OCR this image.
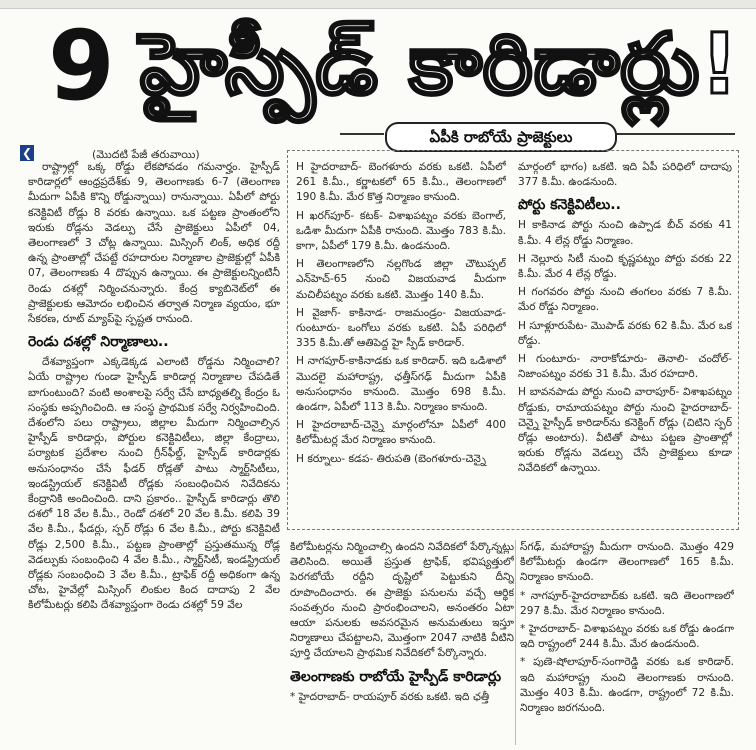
9 హైస్పీడ్ కారిడార్లు!
ఏపీకి రాబోయే ప్రాజెక్టులు
❮	(మొదటి పేజీ తరువాయి)

రాష్ట్రాల్లో ఒక్క రోడ్డు లేకపోవడం గమనార్హం. హైస్పీడ్ కారిడార్లలో ఆంధ్రప్రదేశ్‌కు 9, తెలంగాణకు 6-7 (తెలంగాణ మీదుగా ఏపీకి కొన్ని రోడ్డున్నాయి) రానున్నాయి. ఏపీలో పోర్టు కనెక్టివిటీ రోడ్లు 8 వరకు ఉన్నాయి. ఒక పట్టణ ప్రాంతంలోని ఇరుకు రోడ్లను వెడల్పు చేసే ప్రాజెక్టులు ఏపీలో 04, తెలంగాణలో 3 చోట్ల ఉన్నాయి. మిస్సింగ్ లింక్, అధిక రద్దీ ఉన్న ప్రాంతాల్లో చేపట్టే రహదారుల నిర్మాణాల ప్రాజెక్టుల్లో ఏపీకి 07, తెలంగాణకు 4 దొప్పున ఉన్నాయి. ఈ ప్రాజెక్టులన్నింటినీ రెండు దశల్లో నిర్మించనున్నారు. కేంద్ర క్యాబినెట్‌లో ఈ ప్రాజెక్టులకు ఆమోదం లభించిన తర్వాత నిర్మాణ వ్యయం, భూ సేకరణ, రూట్ మ్యాప్‌పై స్పష్టత రానుంది.

రెండు దశల్లో నిర్మాణాలు..

దేశవ్యాప్తంగా ఎక్కడెక్కడ ఎలాంటి రోడ్డను నిర్మించాలి? ఏయే రాష్ట్రాల గుండా హైస్పీడ్ కారిడార్ల నిర్మాణాల చేపడితే బాగుంటుంది? వంటి అంశాలపై సర్వే చేసే బాధ్యతల్ని కేంద్రం ఓ సంస్థకు అప్పగించింది. ఆ సంస్థ ప్రాథమిక సర్వే నిర్వహించింది. దేశంలోని పలు రాష్ట్రాలు, జిల్లాల మీదుగా నిర్మించాల్సిన హైస్పీడ్ కారిడార్లు, పోర్టుల కనెక్టివిటీలు, జిల్లా కేంద్రాలు, పర్యాటక ప్రదేశాల నుంచి గ్రీన్‌ఫీల్డ్, హైస్పీడ్ కారిడార్లకు అనుసంధానం చేసే ఫీడర్ రోడ్లతో పాటు స్మార్ట్‌సిటీలు, ఇండస్ట్రియల్ కనెక్టివిటీ రోడ్లకు సంబంధించిన నివేదికను కేంద్రానికి అందించింది. దాని ప్రకారం.. హైస్పీడ్ కారిడార్లు తొలి దశలో 18 వేల కి.మీ., రెండో దశలో 20 వేల కి.మీ. కలిపి 39 వేల కి.మీ., ఫీడర్లు, స్పర్ రోడ్లు 6 వేల కి.మీ., పోర్టు కనెక్టివిటీ రోడ్లు 2,500 కి.మీ., పట్టణ ప్రాంతాల్లో ప్రస్తుతమున్న రోడ్ల వెడల్పుకు సంబంధించి 4 వేల కి.మీ., స్మార్ట్‌సిటీ, ఇండస్ట్రియల్ రోడ్లకు సంబంధించి 3 వేల కి.మీ., ట్రాఫిక్ రద్దీ అధికంగా ఉన్న చోట, హైవేల్లో మిస్సింగ్ లింకుల కింద దాదాపు 2 వేల కిలోమీటర్లు కలిపి దేశవ్యాప్తంగా రెండు దశల్లో 59 వేల

H హైదరాబాద్- బెంగళూరు వరకు ఒకటి. ఏపీలో 261 కి.మీ., కర్ణాటకలో 65 కి.మీ., తెలంగాణలో 190 కి.మీ. మేర కొత్త నిర్మాణం కానుంది.
H ఖరగ్‌పూర్- కటక్- విశాఖపట్నం వరకు బెంగాల్, ఒడిశా మీదుగా ఏపీకి రానుంది. మొత్తం 783 కి.మీ. కాగా, ఏపీలో 179 కి.మీ. ఉండనుంది.
H తెలంగాణలోని నల్లగొండ జిల్లా చౌటుప్పల్ ఎన్‌హెచ్-65 నుంచి విజయవాడ మీదుగా మచిలీపట్నం వరకు ఒకటి. మొత్తం 140 కి.మీ.
H వైజాగ్- కాకినాడ- రాజమండ్రం- విజయవాడ-గుంటూరు- ఒంగోలు వరకు ఒకటి. ఏపీ పరిధిలో 335 కి.మీ.తో ఆతిపెద్ద హై స్పీడ్ కారిడార్.
H నాగపూర్-కాకినాడకు ఒక కారిడార్. ఇది ఒడిశాలో మొదలై మహారాష్ట్ర, ఛత్తీస్‌గఢ్ మీదుగా ఏపీకి అనుసంధానం కానుంది. మొత్తం 698 కి.మీ. ఉండగా, ఏపీలో 113 కి.మీ. నిర్మాణం కానుంది.
H హైదరాబాద్-చెన్నై మార్గంలోనూ ఏపీలో 400 కిలోమీటర్ల మేర నిర్మాణం కానుంది.
H కర్నూలు- కడప- తిరుపతి (బెంగళూరు-చెన్నై
మార్గంలో భాగం) ఒకటి. ఇది ఏపీ పరిధిలో దాదాపు 377 కి.మీ. ఉండనుంది.
పోర్టు కనెక్టివిటీలు..
H కాకినాడ పోర్టు నుంచి ఉప్పాడ బీచ్ వరకు 41 కి.మీ. 4 లేన్ల రోడ్డు నిర్మాణం.
H నెల్లూరు సిటీ నుంచి కృష్ణపట్నం పోర్టు వరకు 22 కి.మీ. మేర 4 లేన్ల రోడ్డు.
H గంగవరం పోర్టు నుంచి తంగలం వరకు 7 కి.మీ. మేర రోడ్డు నిర్మాణం.
H సూళ్లూరుపేట- మొపాడ్ వరకు 62 కి.మీ. మేర ఒక రోడ్డు.
H గుంటూరు- నారాకోడూరు- తెనాలి- చందోల్- నిజాంపట్నం వరకు 31 కి.మీ. మేర రహదారి.
H బావనపాడు పోర్టు నుంచి వారాపూర్- విశాఖపట్నం రోడ్డుకు, రామాయపట్నం పోర్టు నుంచి హైదరాబాద్-చెన్నై హైస్పీడ్ కారిడార్‌ను కనెక్టింగ్ రోడ్లు (చిటిని స్పర్ రోడ్లు అంటారు). వీటితో పాటు పట్టణ ప్రాంతాల్లో ఇరుకు రోడ్లను వెడల్పు చేసే ప్రాజెక్టులు కూడా నివేదికలో ఉన్నాయి.
కిలోమీటర్లను నిర్మించాల్సి ఉందని నివేదికలో పేర్కొన్నట్లు తెలిసింది. అయితే ప్రస్తుత ట్రాఫిక్, భవిష్యత్తులో పెరగబోయే రద్దీని దృష్టిలో పెట్టుకుని దీన్ని రూపొందించారు. ఈ ప్రాజెక్టు పనులను వచ్చే ఆర్థిక సంవత్సరం నుంచి ప్రారంభించాలని, అనంతరం ఏటా ఆయా పనులకు అవసరమైన అనుమతులు ఇస్తూ నిర్మాణాలు చేపట్టాలని, మొత్తంగా 2047 నాటికి వీటిని పూర్తి చేయాలని ప్రాథమిక నివేదికలో పేర్కొన్నారు.
తెలంగాణకు రాబోయే హైస్పీడ్ కారిడార్లు
* హైదరాబాద్- రాయపూర్ వరకు ఒకటి. ఇది ఛత్తీ
స్‌గఢ్, మహారాష్ట్ర మీదుగా రానుంది. మొత్తం 429 కిలోమీటర్లు ఉండగా తెలంగాణలో 165 కి.మీ. నిర్మాణం కానుంది.
* నాగపూర్-హైదరాబాద్‌కు ఒకటి. ఇది తెలంగాణలో 297 కి.మీ. మేర నిర్మాణం కానుంది.
* హైదరాబాద్- విశాఖపట్నం వరకు ఒక రోడ్డు ఉండగా ఇది రాష్ట్రంలో 244 కి.మీ. మేర ఉండనుంది.
* పుణె-షోలాపూర్-సంగారెడ్డి వరకు ఒక కారిడార్. ఇది మహారాష్ట్ర నుంచి తెలంగాణకు రానుంది. మొత్తం 403 కి.మీ. ఉండగా, రాష్ట్రంలో 72 కి.మీ. నిర్మాణం జరగనుంది.
